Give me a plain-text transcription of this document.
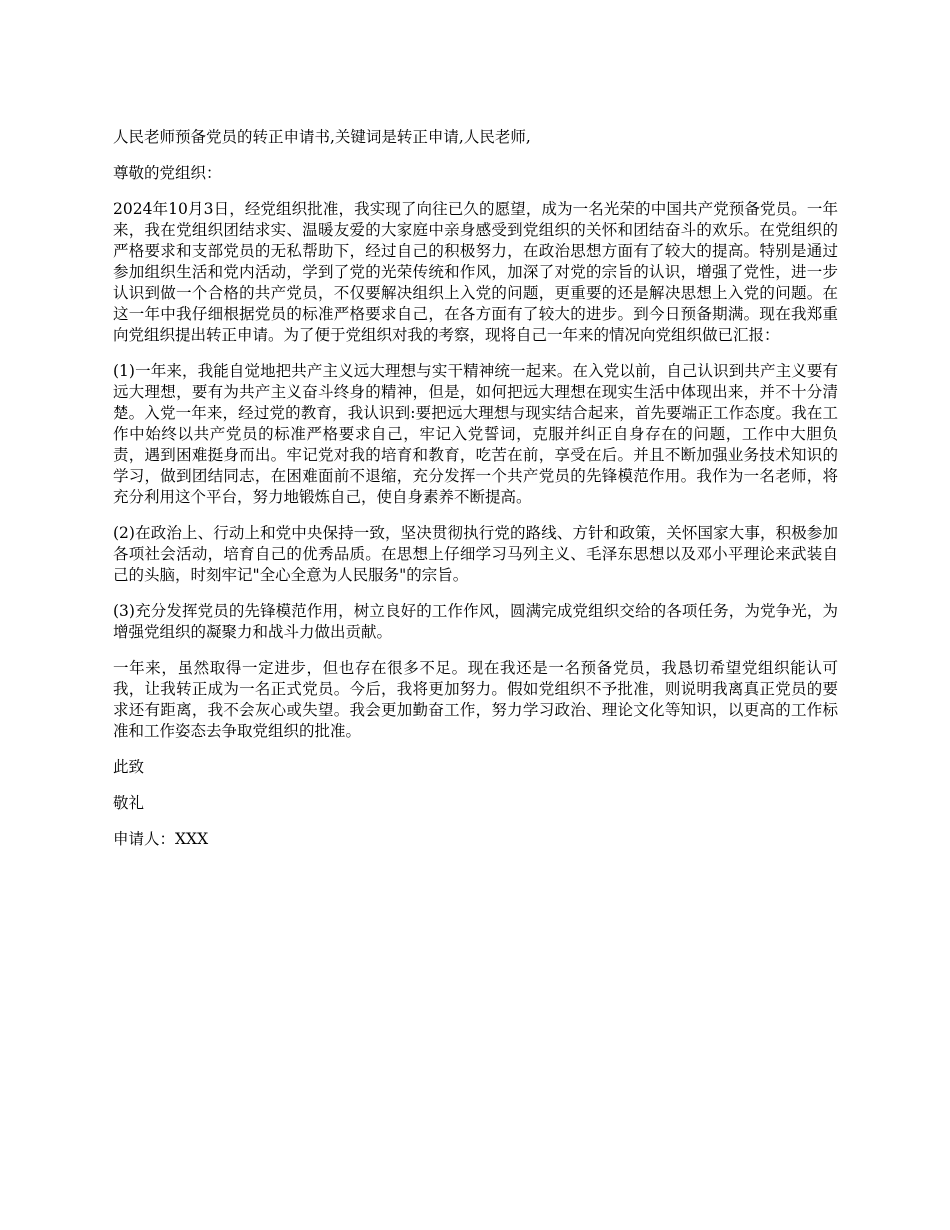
人民老师预备党员的转正申请书,关键词是转正申请,人民老师,

尊敬的党组织：

2024年10月3日，经党组织批准，我实现了向往已久的愿望，成为一名光荣的中国共产党预备党员。一年来，我在党组织团结求实、温暖友爱的大家庭中亲身感受到党组织的关怀和团结奋斗的欢乐。在党组织的严格要求和支部党员的无私帮助下，经过自己的积极努力，在政治思想方面有了较大的提高。特别是通过参加组织生活和党内活动，学到了党的光荣传统和作风，加深了对党的宗旨的认识，增强了党性，进一步认识到做一个合格的共产党员，不仅要解决组织上入党的问题，更重要的还是解决思想上入党的问题。在这一年中我仔细根据党员的标准严格要求自己，在各方面有了较大的进步。到今日预备期满。现在我郑重向党组织提出转正申请。为了便于党组织对我的考察，现将自己一年来的情况向党组织做已汇报：

(1)一年来，我能自觉地把共产主义远大理想与实干精神统一起来。在入党以前，自己认识到共产主义要有远大理想，要有为共产主义奋斗终身的精神，但是，如何把远大理想在现实生活中体现出来，并不十分清楚。入党一年来，经过党的教育，我认识到:要把远大理想与现实结合起来，首先要端正工作态度。我在工作中始终以共产党员的标准严格要求自己，牢记入党誓词，克服并纠正自身存在的问题，工作中大胆负责，遇到困难挺身而出。牢记党对我的培育和教育，吃苦在前，享受在后。并且不断加强业务技术知识的学习，做到团结同志，在困难面前不退缩，充分发挥一个共产党员的先锋模范作用。我作为一名老师，将充分利用这个平台，努力地锻炼自己，使自身素养不断提高。

(2)在政治上、行动上和党中央保持一致，坚决贯彻执行党的路线、方针和政策，关怀国家大事，积极参加各项社会活动，培育自己的优秀品质。在思想上仔细学习马列主义、毛泽东思想以及邓小平理论来武装自己的头脑，时刻牢记"全心全意为人民服务"的宗旨。

(3)充分发挥党员的先锋模范作用，树立良好的工作作风，圆满完成党组织交给的各项任务，为党争光，为增强党组织的凝聚力和战斗力做出贡献。

一年来，虽然取得一定进步，但也存在很多不足。现在我还是一名预备党员，我恳切希望党组织能认可我，让我转正成为一名正式党员。今后，我将更加努力。假如党组织不予批准，则说明我离真正党员的要求还有距离，我不会灰心或失望。我会更加勤奋工作，努力学习政治、理论文化等知识，以更高的工作标准和工作姿态去争取党组织的批准。

此致

敬礼

申请人：XXX
